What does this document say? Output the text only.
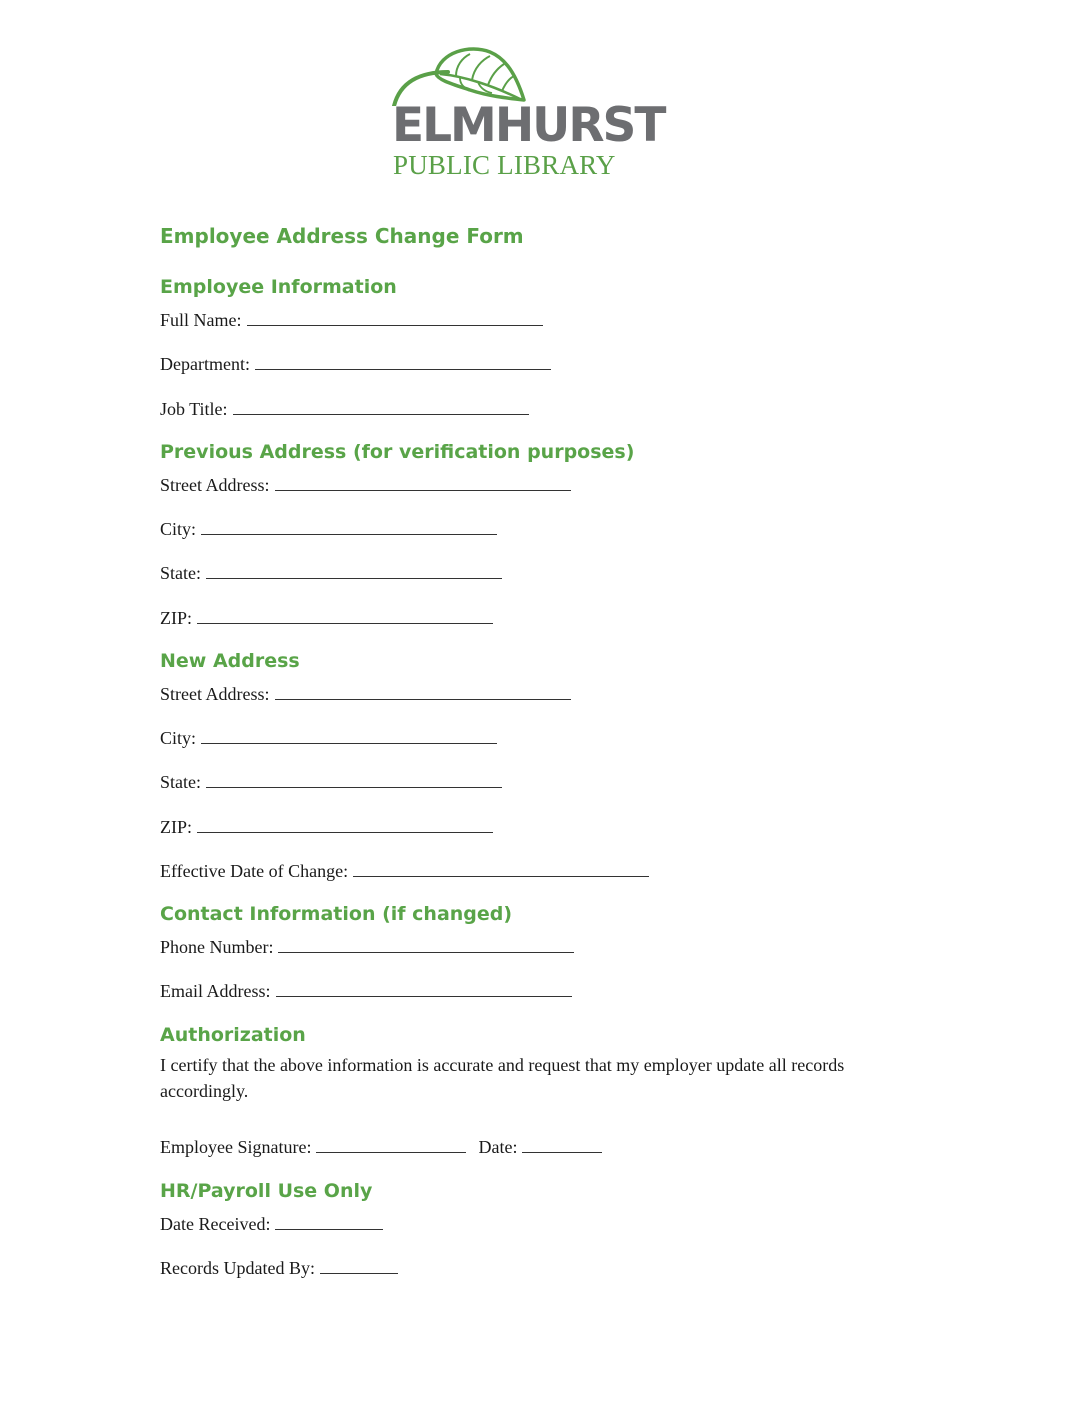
ELMHURST
PUBLIC LIBRARY
Employee Address Change Form
Employee Information
Full Name:
Department:
Job Title:
Previous Address (for verification purposes)
Street Address:
City:
State:
ZIP:
New Address
Street Address:
City:
State:
ZIP:
Effective Date of Change:
Contact Information (if changed)
Phone Number:
Email Address:
Authorization

I certify that the above information is accurate and request that my employer update all records accordingly.

Employee Signature:	Date:
HR/Payroll Use Only
Date Received:
Records Updated By:
